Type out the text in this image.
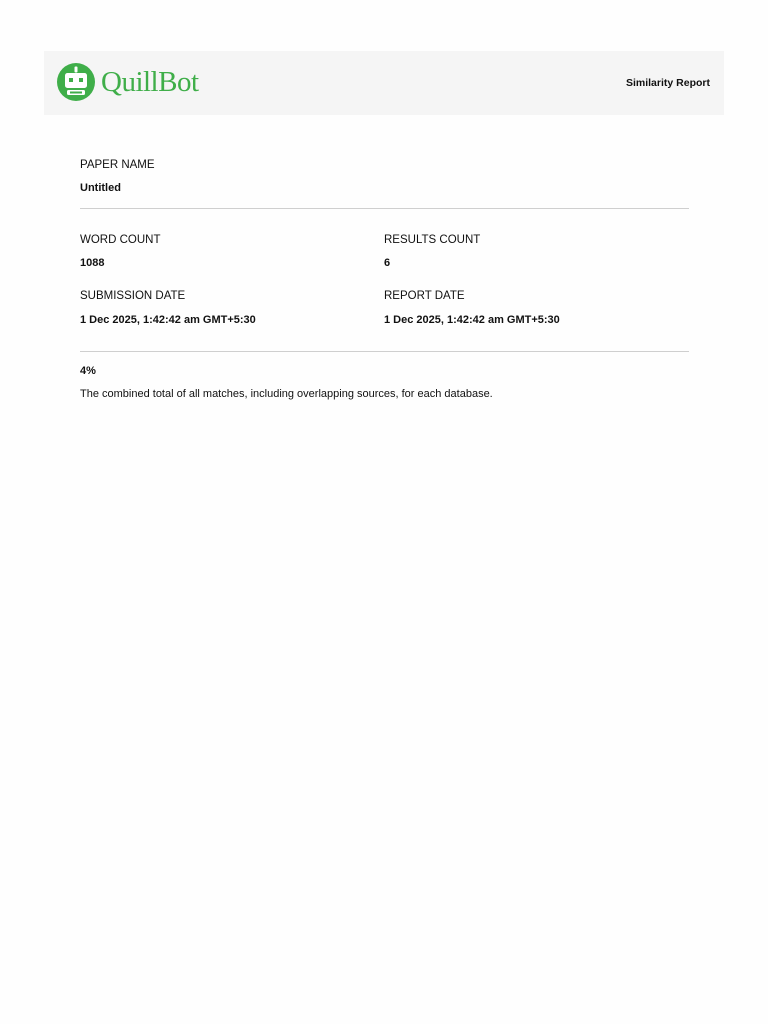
QuillBot	Similarity Report
PAPER NAME
Untitled
WORD COUNT
1088
RESULTS COUNT
6
SUBMISSION DATE
1 Dec 2025, 1:42:42 am GMT+5:30
REPORT DATE
1 Dec 2025, 1:42:42 am GMT+5:30
4%
The combined total of all matches, including overlapping sources, for each database.
